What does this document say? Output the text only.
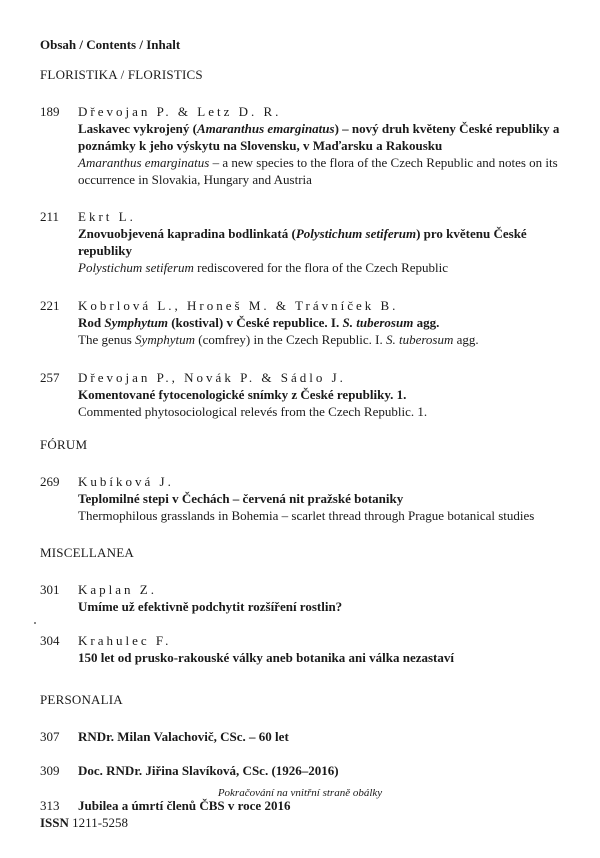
Obsah / Contents / Inhalt
FLORISTIKA / FLORISTICS
189 Dřevojan P. & Letz D. R.
Laskavec vykrojený (Amaranthus emarginatus) – nový druh květeny České republiky a poznámky k jeho výskytu na Slovensku, v Maďarsku a Rakousku
Amaranthus emarginatus – a new species to the flora of the Czech Republic and notes on its occurrence in Slovakia, Hungary and Austria
211 Ekrt L.
Znovuobjevená kapradina bodlinkatá (Polystichum setiferum) pro květenu České republiky
Polystichum setiferum rediscovered for the flora of the Czech Republic
221 Kobrlová L., Hroneš M. & Trávníček B.
Rod Symphytum (kostival) v České republice. I. S. tuberosum agg.
The genus Symphytum (comfrey) in the Czech Republic. I. S. tuberosum agg.
257 Dřevojan P., Novák P. & Sádlo J.
Komentované fytocenologické snímky z České republiky. 1.
Commented phytosociological relevés from the Czech Republic. 1.
FÓRUM
269 Kubíková J.
Teplomilné stepi v Čechách – červená nit pražské botaniky
Thermophilous grasslands in Bohemia – scarlet thread through Prague botanical studies
MISCELLANEA
301 Kaplan Z.
Umíme už efektivně podchytit rozšíření rostlin?
304 Krahulec F.
150 let od prusko-rakouské války aneb botanika ani válka nezastaví
PERSONALIA
307 RNDr. Milan Valachovič, CSc. – 60 let
309 Doc. RNDr. Jiřina Slavíková, CSc. (1926–2016)
313 Jubilea a úmrtí členů ČBS v roce 2016
Pokračování na vnitřní straně obálky
ISSN 1211-5258
